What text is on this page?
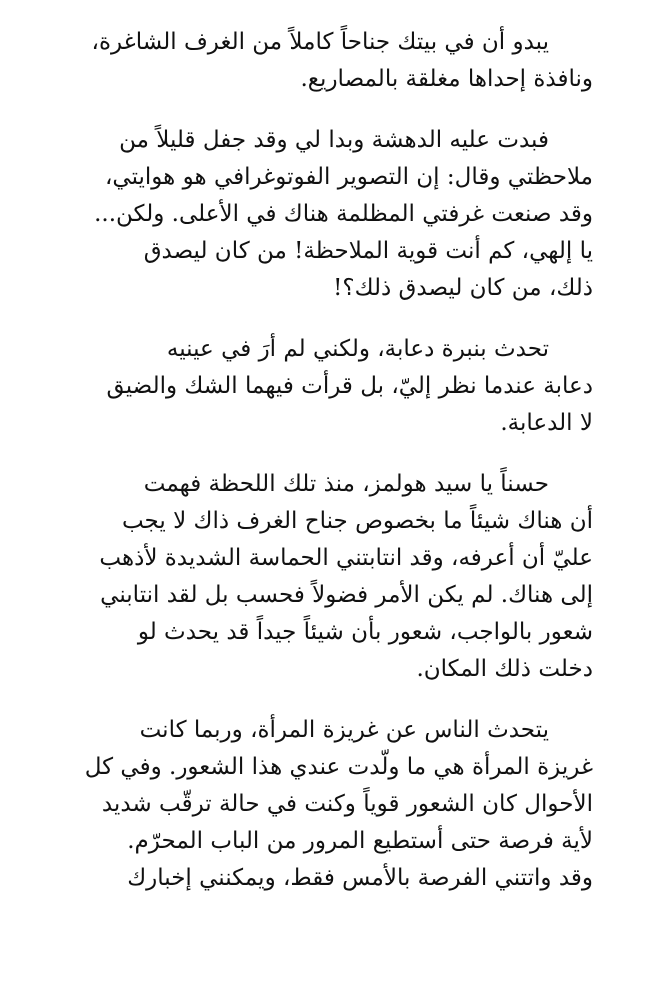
يبدو أن في بيتك جناحاً كاملاً من الغرف الشاغرة،
ونافذة إحداها مغلقة بالمصاريع.

فبدت عليه الدهشة وبدا لي وقد جفل قليلاً من
ملاحظتي وقال: إن التصوير الفوتوغرافي هو هوايتي،
وقد صنعت غرفتي المظلمة هناك في الأعلى. ولكن...
يا إلهي، كم أنت قوية الملاحظة! من كان ليصدق
ذلك، من كان ليصدق ذلك؟!

تحدث بنبرة دعابة، ولكني لم أرَ في عينيه
دعابة عندما نظر إليّ، بل قرأت فيهما الشك والضيق
لا الدعابة.

حسناً يا سيد هولمز، منذ تلك اللحظة فهمت
أن هناك شيئاً ما بخصوص جناح الغرف ذاك لا يجب
عليّ أن أعرفه، وقد انتابتني الحماسة الشديدة لأذهب
إلى هناك. لم يكن الأمر فضولاً فحسب بل لقد انتابني
شعور بالواجب، شعور بأن شيئاً جيداً قد يحدث لو
دخلت ذلك المكان.

يتحدث الناس عن غريزة المرأة، وربما كانت
غريزة المرأة هي ما ولّدت عندي هذا الشعور. وفي كل
الأحوال كان الشعور قوياً وكنت في حالة ترقّب شديد
لأية فرصة حتى أستطيع المرور من الباب المحرّم.
وقد واتتني الفرصة بالأمس فقط، ويمكنني إخبارك
